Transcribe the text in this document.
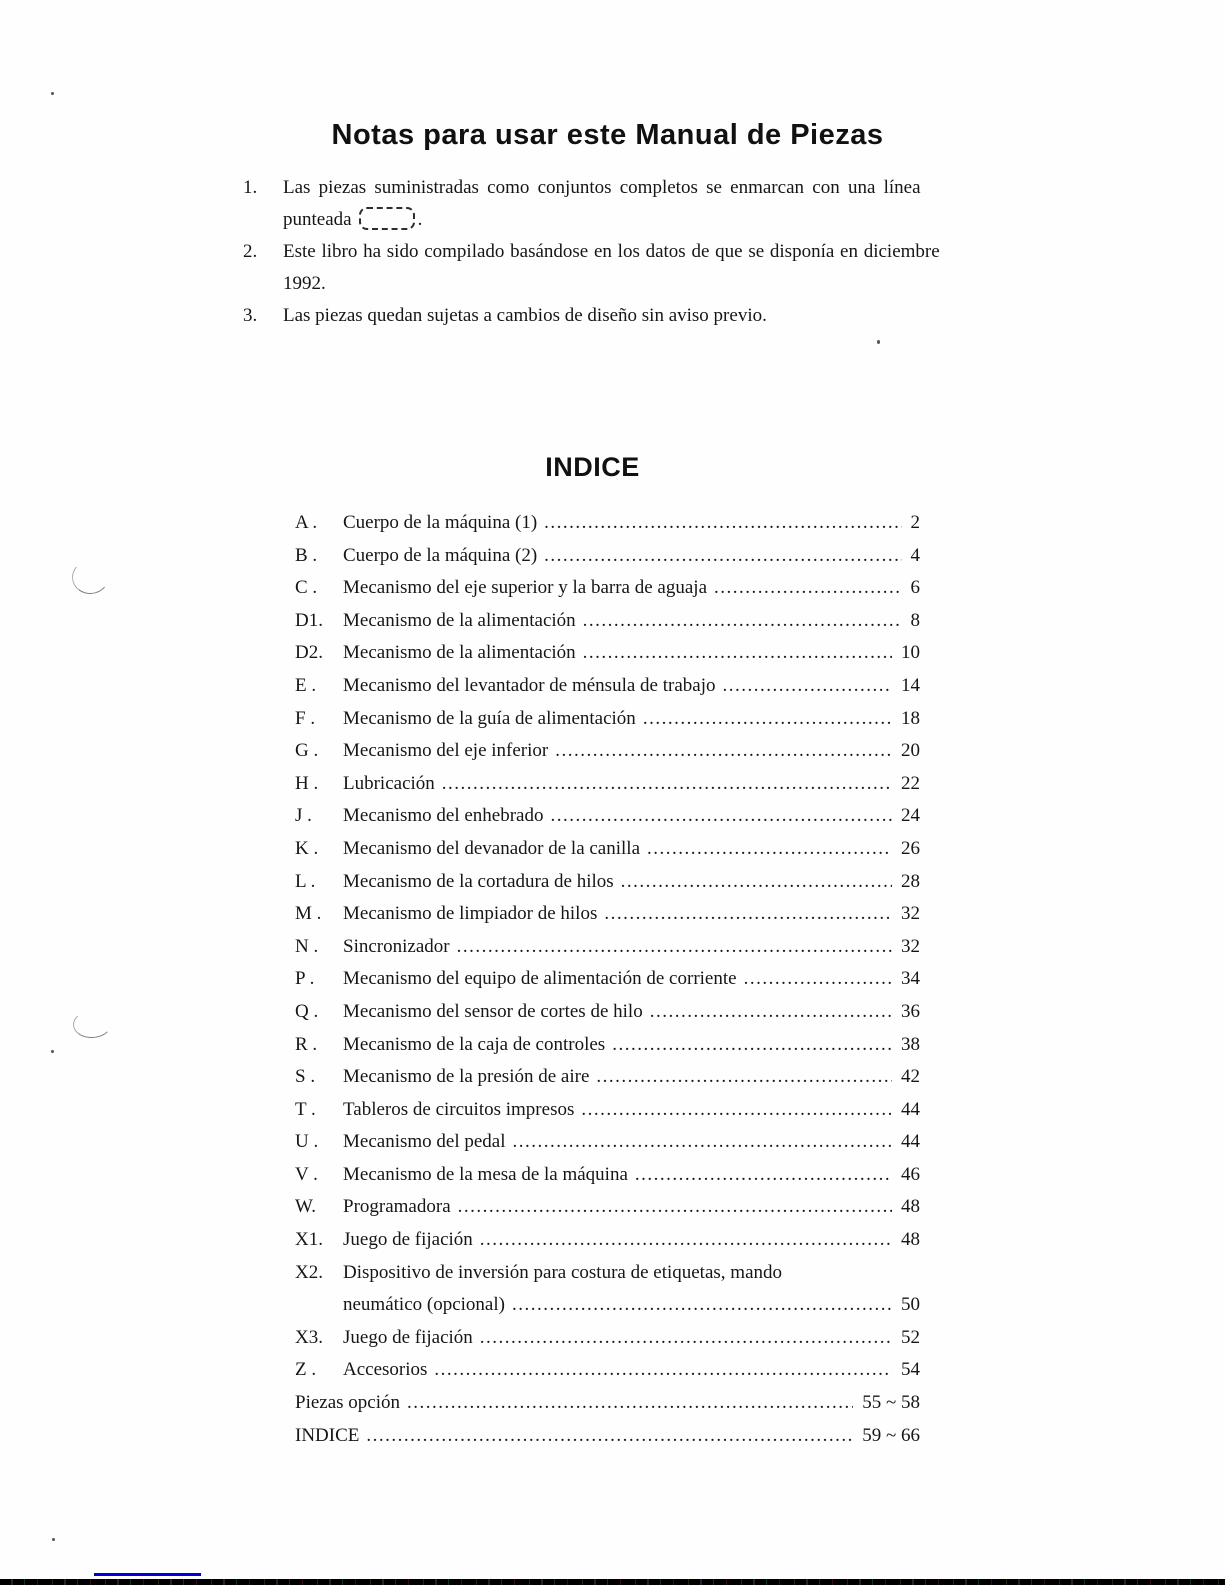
Notas para usar este Manual de Piezas
1.	Las piezas suministradas como conjuntos completos se enmarcan con una línea
punteada	.
2.	Este libro ha sido compilado basándose en los datos de que se disponía en diciembre
1992.
3.	Las piezas quedan sujetas a cambios de diseño sin aviso previo.
INDICE
A .	Cuerpo de la máquina (1) .....	2
B .	Cuerpo de la máquina (2) .....	4
C .	Mecanismo del eje superior y la barra de aguaja .....	6
D1.	Mecanismo de la alimentación .....	8
D2.	Mecanismo de la alimentación .....	10
E .	Mecanismo del levantador de ménsula de trabajo .....	14
F .	Mecanismo de la guía de alimentación .....	18
G .	Mecanismo del eje inferior .....	20
H .	Lubricación .....	22
J .	Mecanismo del enhebrado .....	24
K .	Mecanismo del devanador de la canilla .....	26
L .	Mecanismo de la cortadura de hilos .....	28
M .	Mecanismo de limpiador de hilos .....	32
N .	Sincronizador .....	32
P .	Mecanismo del equipo de alimentación de corriente .....	34
Q .	Mecanismo del sensor de cortes de hilo .....	36
R .	Mecanismo de la caja de controles .....	38
S .	Mecanismo de la presión de aire .....	42
T .	Tableros de circuitos impresos .....	44
U .	Mecanismo del pedal .....	44
V .	Mecanismo de la mesa de la máquina .....	46
W.	Programadora .....	48
X1.	Juego de fijación .....	48
X2.	Dispositivo de inversión para costura de etiquetas, mando
neumático (opcional) .....	50
X3.	Juego de fijación .....	52
Z .	Accesorios .....	54
Piezas opción .....	55 ~ 58
INDICE .....	59 ~ 66
